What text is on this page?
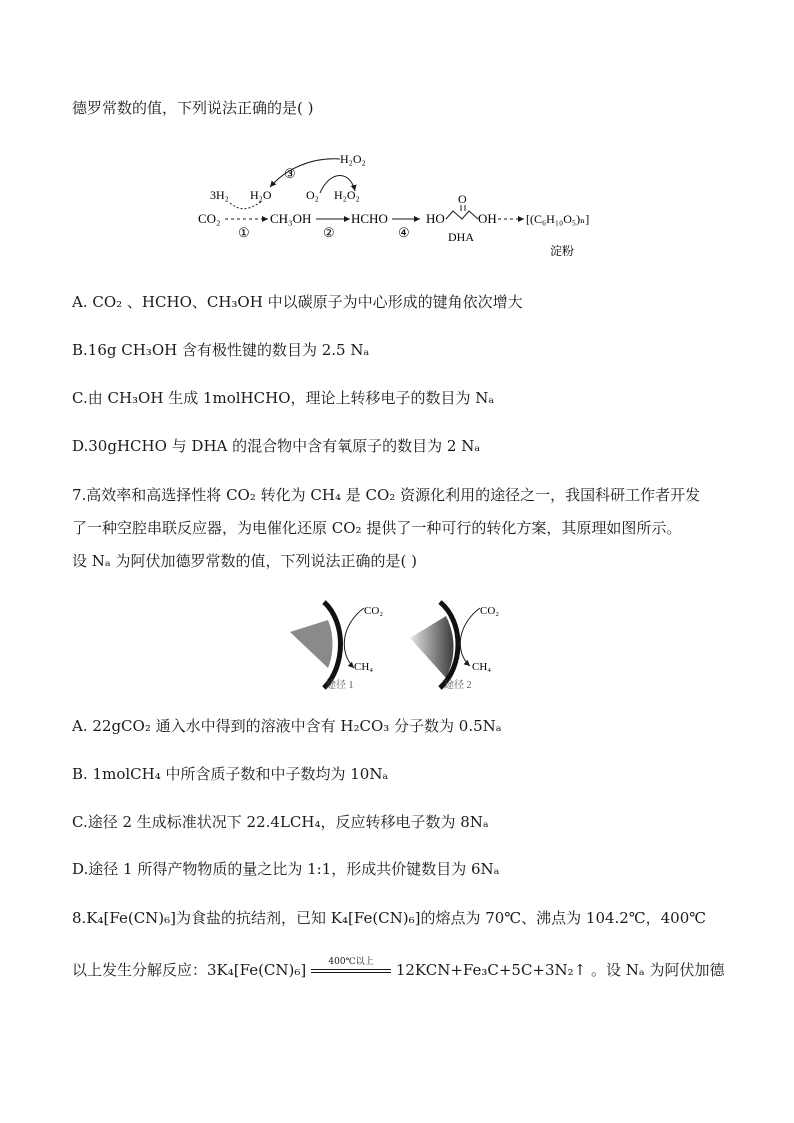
德罗常数的值，下列说法正确的是( )
H₂O₂
③
3H₂ H₂O	O₂ H₂O₂
CO₂
①
CH₃OH
②
HCHO
④
HO
O
OH
DHA
[(C₆H₁₀O₅)ₙ]
淀粉
A. CO₂ 、HCHO、CH₃OH 中以碳原子为中心形成的键角依次增大
B.16g CH₃OH 含有极性键的数目为 2.5 Nₐ
C.由 CH₃OH 生成 1molHCHO，理论上转移电子的数目为 Nₐ
D.30gHCHO 与 DHA 的混合物中含有氧原子的数目为 2 Nₐ
7.高效率和高选择性将 CO₂ 转化为 CH₄ 是 CO₂ 资源化利用的途径之一，我国科研工作者开发
了一种空腔串联反应器，为电催化还原 CO₂ 提供了一种可行的转化方案，其原理如图所示。
设 Nₐ 为阿伏加德罗常数的值，下列说法正确的是( )
CO₂
CH₄
途径 1
CO₂
CH₄
途径 2
A. 22gCO₂ 通入水中得到的溶液中含有 H₂CO₃ 分子数为 0.5Nₐ
B. 1molCH₄ 中所含质子数和中子数均为 10Nₐ
C.途径 2 生成标准状况下 22.4LCH₄，反应转移电子数为 8Nₐ
D.途径 1 所得产物物质的量之比为 1:1，形成共价键数目为 6Nₐ
8.K₄[Fe(CN)₆]为食盐的抗结剂，已知 K₄[Fe(CN)₆]的熔点为 70℃、沸点为 104.2℃，400℃
以上发生分解反应：3K₄[Fe(CN)₆]	400℃以上	12KCN+Fe₃C+5C+3N₂↑ 。设 Nₐ 为阿伏加德
